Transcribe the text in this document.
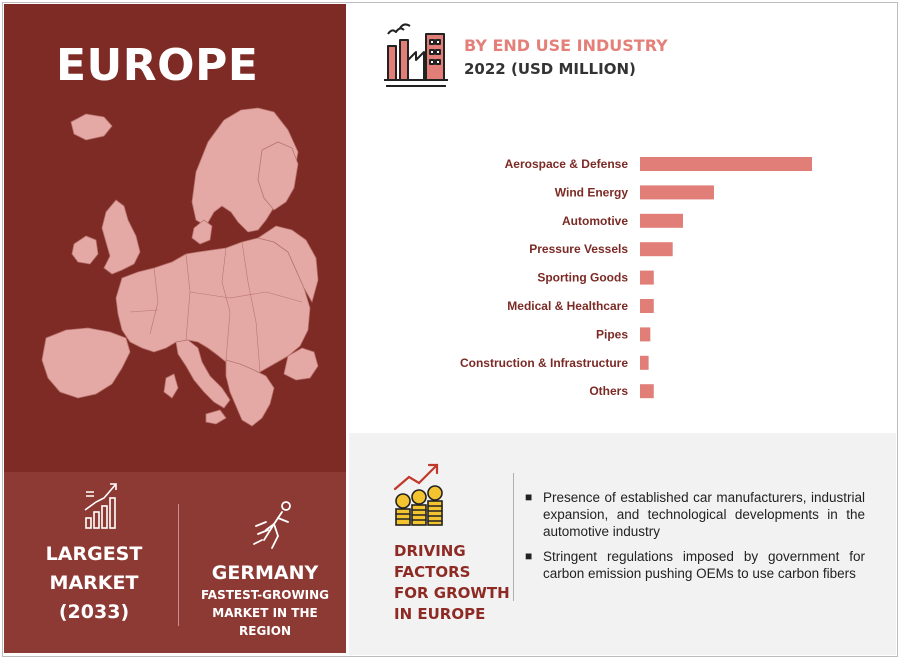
EUROPE
LARGEST
MARKET
(2033)
GERMANY
FASTEST-GROWING
MARKET IN THE REGION
BY END USE INDUSTRY
2022 (USD MILLION)
Aerospace & Defense
Wind Energy
Automotive
Pressure Vessels
Sporting Goods
Medical & Healthcare
Pipes
Construction & Infrastructure
Others
DRIVING
FACTORS
FOR GROWTH
IN EUROPE
■ Presence of established car manufacturers, industrial expansion, and technological developments in the automotive industry
■ Stringent regulations imposed by government for carbon emission pushing OEMs to use carbon fibers
